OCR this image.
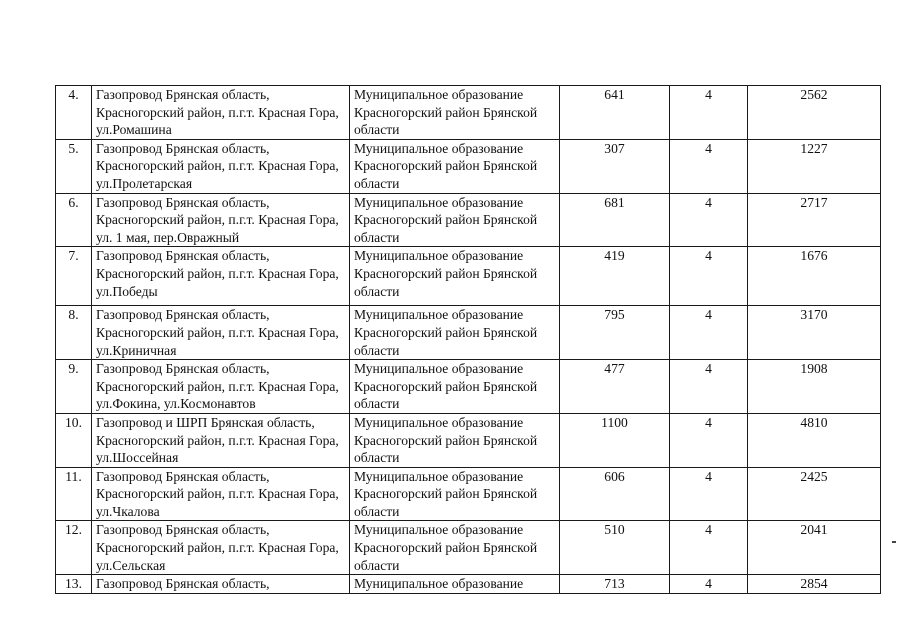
4.	Газопровод Брянская область, Красногорский район, п.г.т. Красная Гора, ул.Ромашина	Муниципальное образование Красногорский район Брянской области	641	4	2562
5.	Газопровод Брянская область, Красногорский район, п.г.т. Красная Гора, ул.Пролетарская	Муниципальное образование Красногорский район Брянской области	307	4	1227
6.	Газопровод Брянская область, Красногорский район, п.г.т. Красная Гора, ул. 1 мая, пер.Овражный	Муниципальное образование Красногорский район Брянской области	681	4	2717
7.	Газопровод Брянская область, Красногорский район, п.г.т. Красная Гора, ул.Победы	Муниципальное образование Красногорский район Брянской области	419	4	1676
8.	Газопровод Брянская область, Красногорский район, п.г.т. Красная Гора, ул.Криничная	Муниципальное образование Красногорский район Брянской области	795	4	3170
9.	Газопровод Брянская область, Красногорский район, п.г.т. Красная Гора, ул.Фокина, ул.Космонавтов	Муниципальное образование Красногорский район Брянской области	477	4	1908
10.	Газопровод и ШРП Брянская область, Красногорский район, п.г.т. Красная Гора, ул.Шоссейная	Муниципальное образование Красногорский район Брянской области	1100	4	4810
11.	Газопровод Брянская область, Красногорский район, п.г.т. Красная Гора, ул.Чкалова	Муниципальное образование Красногорский район Брянской области	606	4	2425
12.	Газопровод Брянская область, Красногорский район, п.г.т. Красная Гора, ул.Сельская	Муниципальное образование Красногорский район Брянской области	510	4	2041
13.	Газопровод Брянская область,	Муниципальное образование	713	4	2854
